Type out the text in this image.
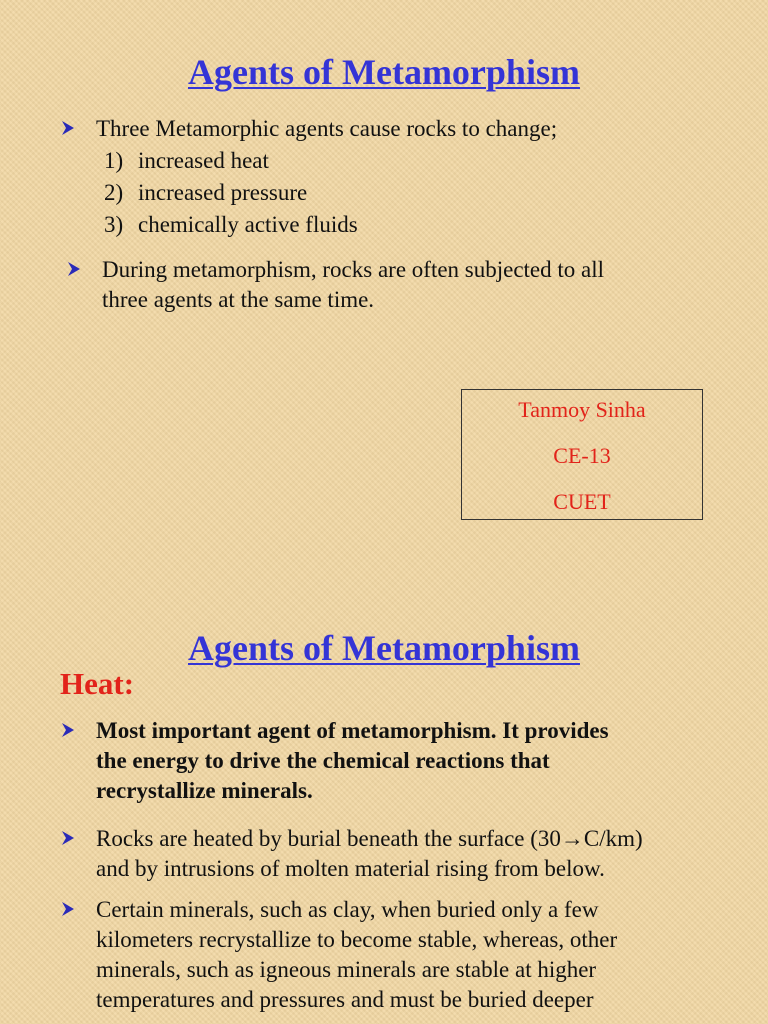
Agents of Metamorphism
Three Metamorphic agents cause rocks to change;
1) increased heat
2) increased pressure
3) chemically active fluids
During metamorphism, rocks are often subjected to all
three agents at the same time.
Tanmoy Sinha
CE-13
CUET
Agents of Metamorphism
Heat:
Most important agent of metamorphism. It provides
the energy to drive the chemical reactions that
recrystallize minerals.
Rocks are heated by burial beneath the surface (30→C/km)
and by intrusions of molten material rising from below.
Certain minerals, such as clay, when buried only a few
kilometers recrystallize to become stable, whereas, other
minerals, such as igneous minerals are stable at higher
temperatures and pressures and must be buried deeper
